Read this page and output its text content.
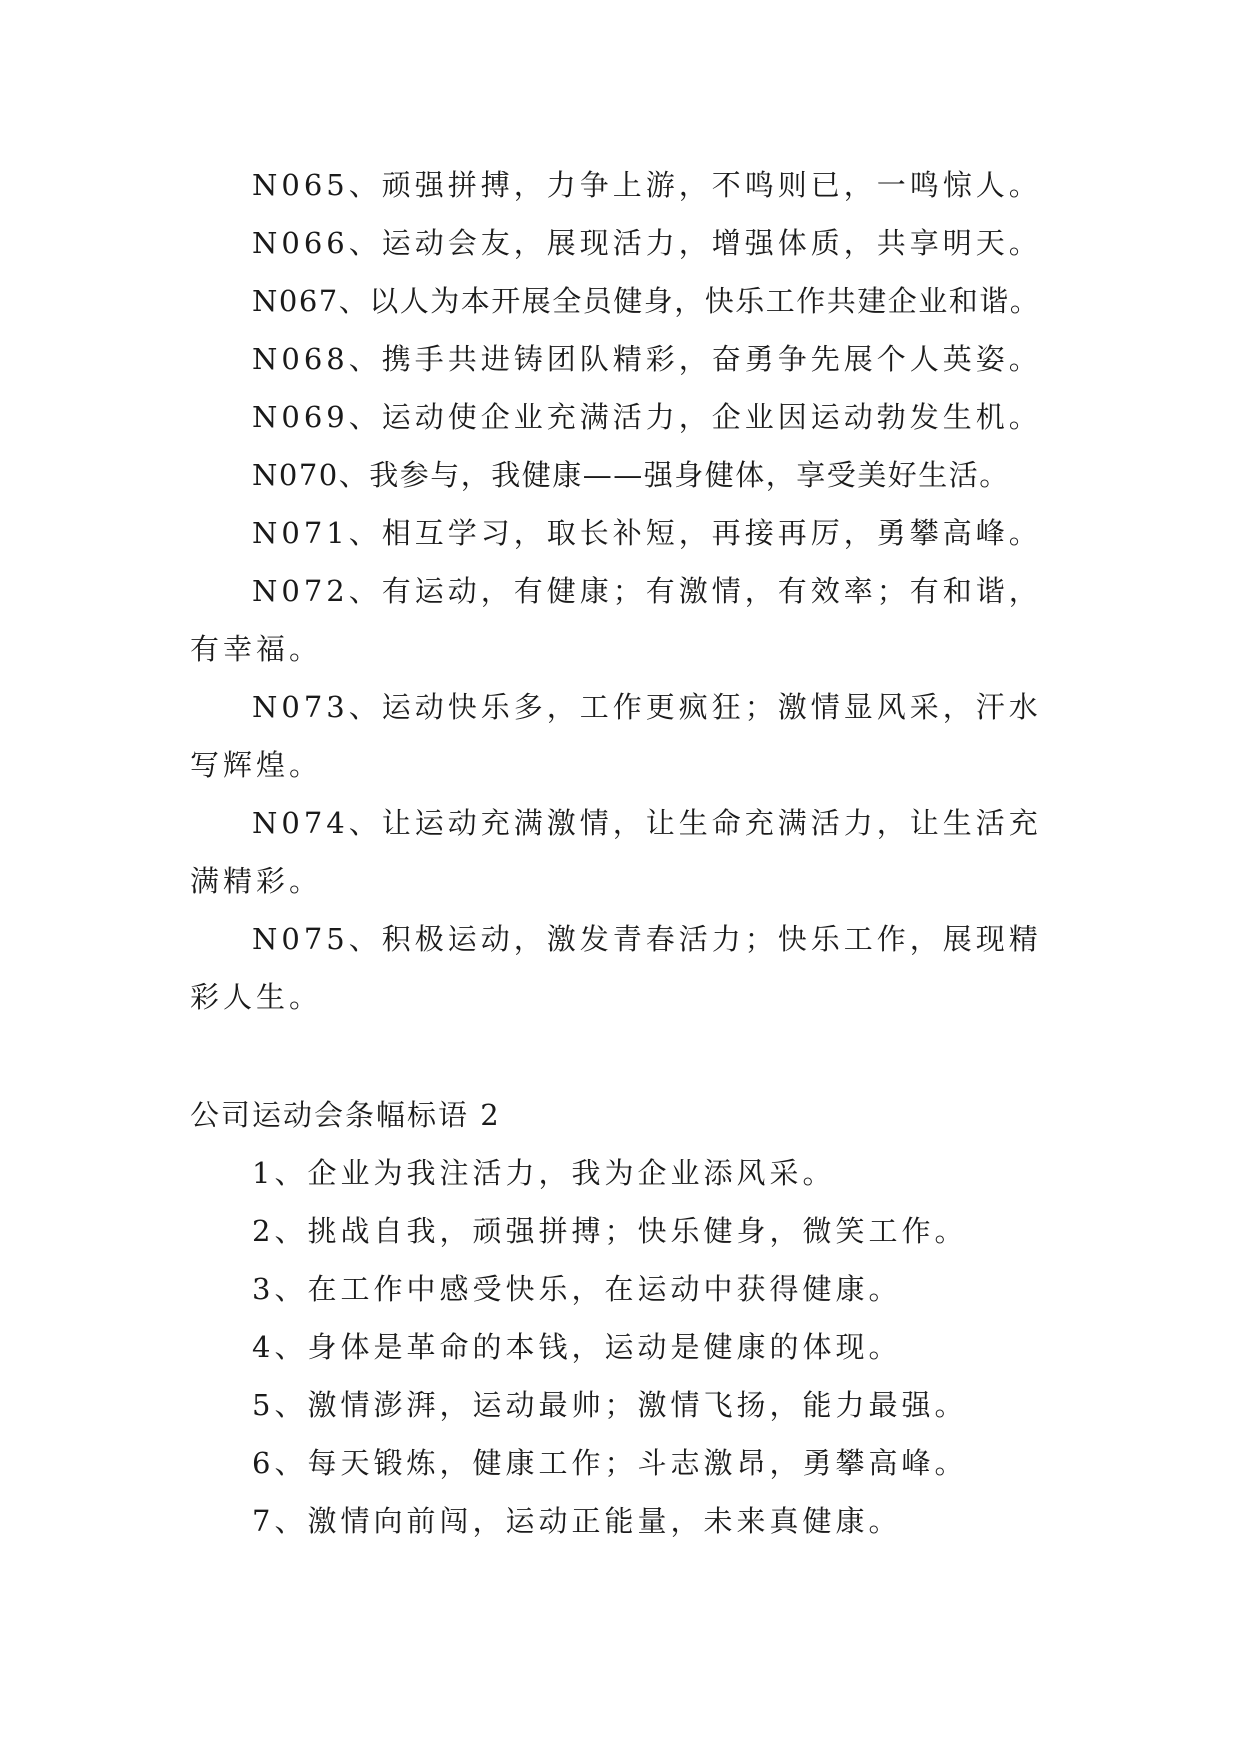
N065、顽强拼搏，力争上游，不鸣则已，一鸣惊人。

N066、运动会友，展现活力，增强体质，共享明天。

N067、以人为本开展全员健身，快乐工作共建企业和谐。

N068、携手共进铸团队精彩，奋勇争先展个人英姿。

N069、运动使企业充满活力，企业因运动勃发生机。

N070、我参与，我健康——强身健体，享受美好生活。

N071、相互学习，取长补短，再接再厉，勇攀高峰。

N072、有运动，有健康；有激情，有效率；有和谐，有幸福。

N073、运动快乐多，工作更疯狂；激情显风采，汗水写辉煌。

N074、让运动充满激情，让生命充满活力，让生活充满精彩。

N075、积极运动，激发青春活力；快乐工作，展现精彩人生。

公司运动会条幅标语 2

1、企业为我注活力，我为企业添风采。

2、挑战自我，顽强拼搏；快乐健身，微笑工作。

3、在工作中感受快乐，在运动中获得健康。

4、身体是革命的本钱，运动是健康的体现。

5、激情澎湃，运动最帅；激情飞扬，能力最强。

6、每天锻炼，健康工作；斗志激昂，勇攀高峰。

7、激情向前闯，运动正能量，未来真健康。
